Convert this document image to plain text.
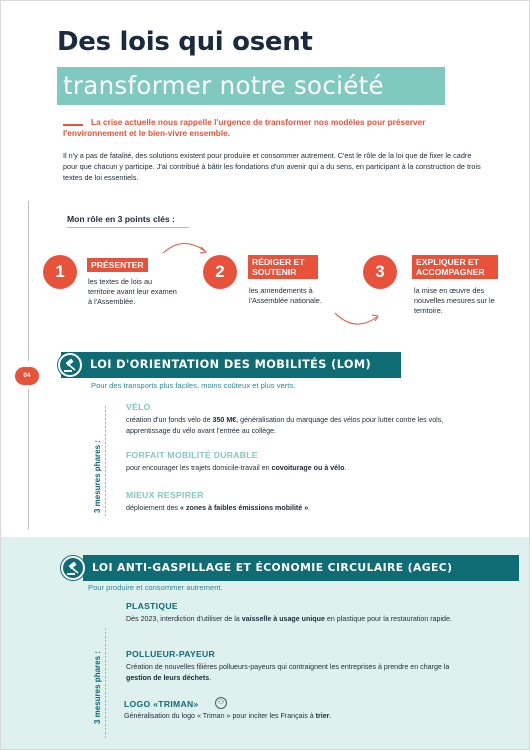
Des lois qui osent
transformer notre société
La crise actuelle nous rappelle l'urgence de transformer nos modèles pour préserver l'environnement et le bien-vivre ensemble.
Il n'y a pas de fatalité, des solutions existent pour produire et consommer autrement. C'est le rôle de la loi que de fixer le cadre pour que chacun y participe. J'ai contribué à bâtir les fondations d'un avenir qui a du sens, en participant à la construction de trois textes de loi essentiels.
Mon rôle en 3 points clés :
1	PRÉSENTER
les textes de lois au territoire avant leur examen à l'Assemblée.
2	RÉDIGER ET SOUTENIR
les amendements à l'Assemblée nationale.
3	EXPLIQUER ET ACCOMPAGNER
la mise en œuvre des nouvelles mesures sur le territoire.
04
LOI D'ORIENTATION DES MOBILITÉS (LOM)
Pour des transports plus faciles, moins coûteux et plus verts.
3 mesures phares :
VÉLO
création d'un fonds vélo de 350 M€, généralisation du marquage des vélos pour lutter contre les vols, apprentissage du vélo avant l'entrée au collège.
FORFAIT MOBILITÉ DURABLE
pour encourager les trajets domicile-travail en covoiturage ou à vélo.
MIEUX RESPIRER
déploiement des « zones à faibles émissions mobilité ».
LOI ANTI-GASPILLAGE ET ÉCONOMIE CIRCULAIRE (AGEC)
Pour produire et consommer autrement.
3 mesures phares :
PLASTIQUE
Dès 2023, interdiction d'utiliser de la vaisselle à usage unique en plastique pour la restauration rapide.
POLLUEUR-PAYEUR
Création de nouvelles filières pollueurs-payeurs qui contraignent les entreprises à prendre en charge la gestion de leurs déchets.
LOGO «TRIMAN»	⚇
Généralisation du logo « Triman » pour inciter les Français à trier.
